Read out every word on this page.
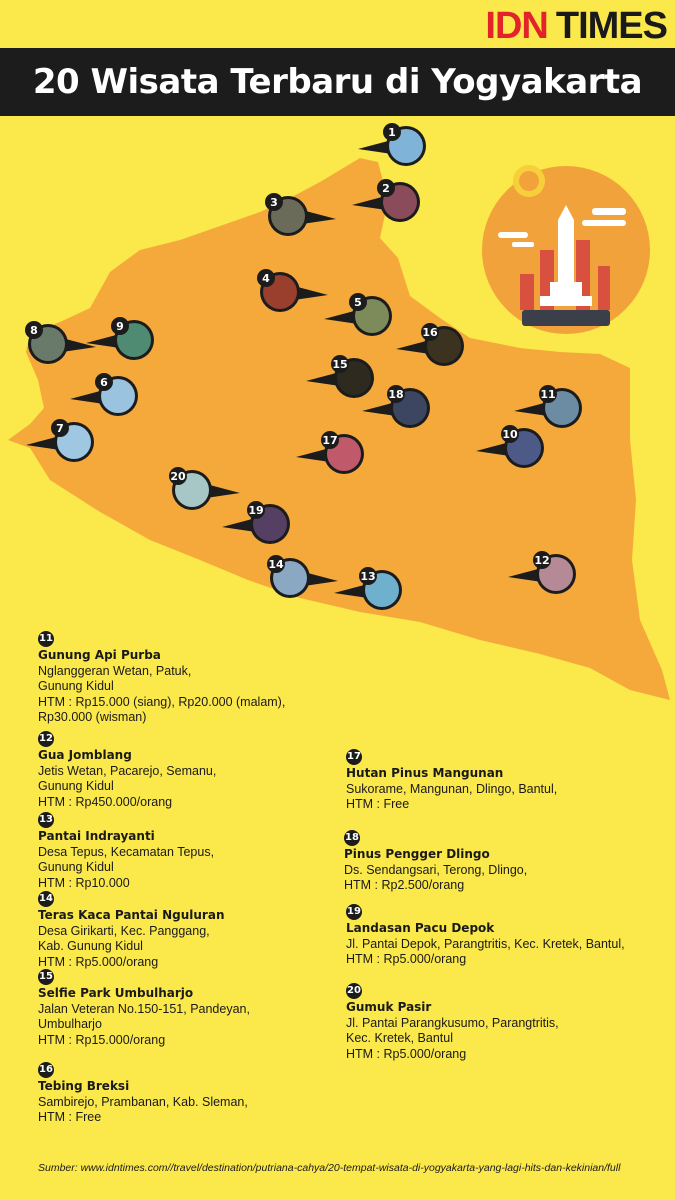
IDN TIMES
20 Wisata Terbaru di Yogyakarta
1
2
3
4
5
16
8	9
15
6
18	11
7
17	10
20
19
14
13
12
11
Gunung Api Purba
Nglanggeran Wetan, Patuk,
Gunung Kidul
HTM : Rp15.000 (siang), Rp20.000 (malam),
Rp30.000 (wisman)
12
Gua Jomblang
Jetis Wetan, Pacarejo, Semanu,
Gunung Kidul
HTM : Rp450.000/orang
13
Pantai Indrayanti
Desa Tepus, Kecamatan Tepus,
Gunung Kidul
HTM : Rp10.000
14
Teras Kaca Pantai Nguluran
Desa Girikarti, Kec. Panggang,
Kab. Gunung Kidul
HTM : Rp5.000/orang
15
Selfie Park Umbulharjo
Jalan Veteran No.150-151, Pandeyan,
Umbulharjo
HTM : Rp15.000/orang
16
Tebing Breksi
Sambirejo, Prambanan, Kab. Sleman,
HTM : Free
17
Hutan Pinus Mangunan
Sukorame, Mangunan, Dlingo, Bantul,
HTM : Free
18
Pinus Pengger Dlingo
Ds. Sendangsari, Terong, Dlingo,
HTM : Rp2.500/orang
19
Landasan Pacu Depok
Jl. Pantai Depok, Parangtritis, Kec. Kretek, Bantul,
HTM : Rp5.000/orang
20
Gumuk Pasir
Jl. Pantai Parangkusumo, Parangtritis,
Kec. Kretek, Bantul
HTM : Rp5.000/orang
Sumber: www.idntimes.com//travel/destination/putriana-cahya/20-tempat-wisata-di-yogyakarta-yang-lagi-hits-dan-kekinian/full
